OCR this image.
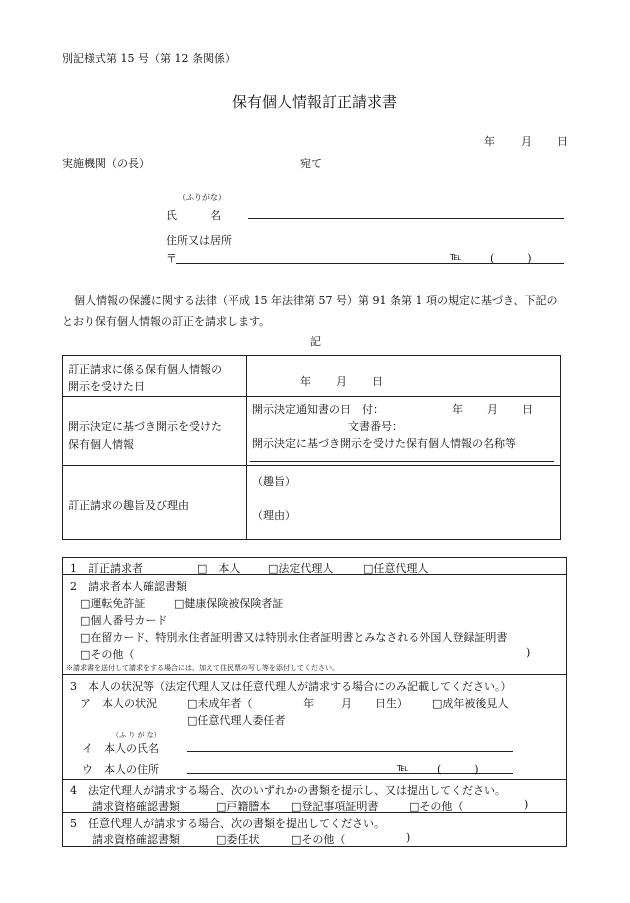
別記様式第 15 号（第 12 条関係）
保有個人情報訂正請求書
年 月 日
実施機関（の長）	宛て
（ふりがな）
氏　　　名
住所又は居所
〒	℡	(　　　)
個人情報の保護に関する法律（平成 15 年法律第 57 号）第 91 条第 1 項の規定に基づき、下記の
とおり保有個人情報の訂正を請求します。
記
訂正請求に係る保有個人情報の
開示を受けた日	年 月 日
開示決定に基づき開示を受けた
保有個人情報
開示決定通知書の日　付：	年 月 日
文書番号：
開示決定に基づき開示を受けた保有個人情報の名称等
訂正請求の趣旨及び理由
（趣旨）
（理由）
1　訂正請求者	□　本人	□法定代理人	□任意代理人
2　請求者本人確認書類
□運転免許証	□健康保険被保険者証
□個人番号カード
□在留カード、特別永住者証明書又は特別永住者証明書とみなされる外国人登録証明書
□その他（	)
※請求書を送付して請求をする場合には、加えて住民票の写し等を添付してください。
3　本人の状況等（法定代理人又は任意代理人が請求する場合にのみ記載してください。）
ア　本人の状況	□未成年者（	年 月 日生） □成年被後見人
□任意代理人委任者
（ふ り が な）
イ　本人の氏名
ウ　本人の住所	℡	(　　　)
4　法定代理人が請求する場合、次のいずれかの書類を提示し、又は提出してください。
請求資格確認書類	□戸籍謄本 □登記事項証明書	□その他（	)
5　任意代理人が請求する場合、次の書類を提出してください。
請求資格確認書類	□委任状	□その他（	)
